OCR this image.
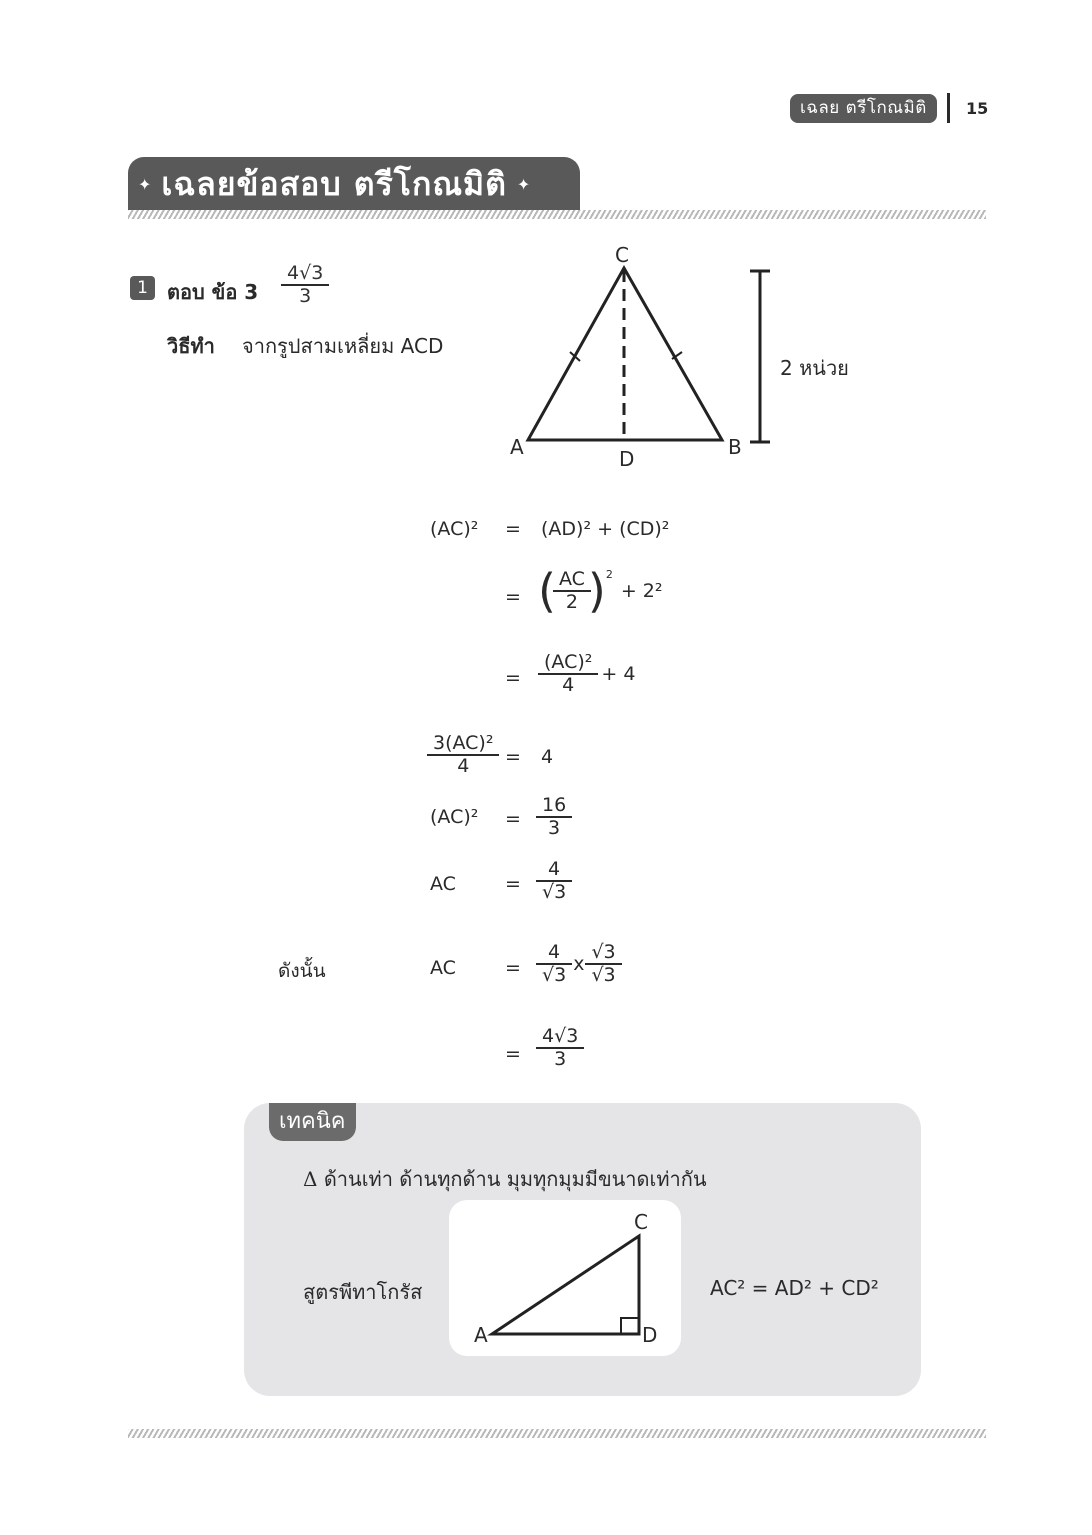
เฉลย ตรีโกณมิติ	15
✦ เฉลยข้อสอบ ตรีโกณมิติ ✦
1 ตอบ ข้อ $3 \frac{4√3}{3}$
วิธีทำ จากรูปสามเหลี่ยม ACD
C
A	B
D
2 หน่วย
(AC)² = (AD)² + (CD)²
= ( $\frac{AC}{2} )^2$
+ 2²
= $\frac{\text{(AC)²}}{4} + 4$
$\frac{\text{3(AC)²}}{4} = 4$
$(AC)^2 = \frac{16}{3}$
AC	= $\frac{4}{√3}$
ดังนั้น	AC	= $\frac{4}{√3}$ x $\frac{√3}{√3}$
= $\frac{4√3}{3}$
เทคนิค
Δ ด้านเท่า ด้านทุกด้าน มุมทุกมุมมีขนาดเท่ากัน
สูตรพีทาโกรัส
C
A	D
AC² = AD² + CD²
